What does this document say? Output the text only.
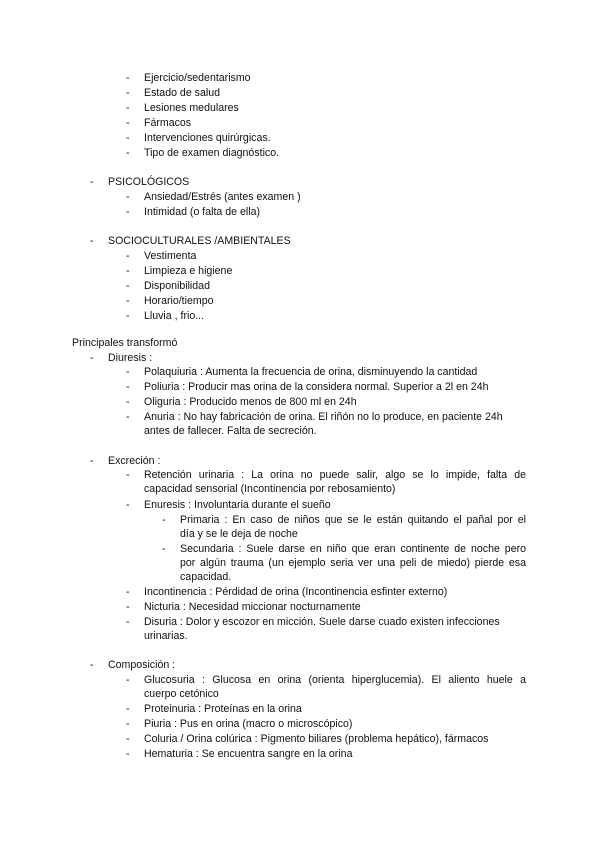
- Ejercicio/sedentarismo
- Estado de salud
- Lesiones medulares
- Fármacos
- Intervenciones quirúrgicas.
- Tipo de examen diagnóstico.
- PSICOLÓGICOS
- Ansiedad/Estrés (antes examen )
- Intimidad (o falta de ella)
- SOCIOCULTURALES /AMBIENTALES
- Vestimenta
- Limpieza e higiene
- Disponibilidad
- Horario/tiempo
- Lluvia , frio...
Principales transformó
- Diuresis :
- Polaquiuria : Aumenta la frecuencia de orina, disminuyendo la cantidad
- Poliuria : Producir mas orina de la considera normal. Superior a 2l en 24h
- Oliguria : Producido menos de 800 ml en 24h
- Anuria : No hay fabricación de orina. El riñón no lo produce, en paciente 24h
antes de fallecer. Falta de secreción.
- Excreción :
- Retención urinaria : La orina no puede salir, algo se lo impide, falta de
capacidad sensorial (Incontinencia por rebosamiento)
- Enuresis : Involuntaria durante el sueño
- Primaria : En caso de niños que se le están quitando el pañal por el
día y se le deja de noche
- Secundaria : Suele darse en niño que eran continente de noche pero
por algún trauma (un ejemplo seria ver una peli de miedo) pierde esa
capacidad.
- Incontinencia : Pérdidad de orina (Incontinencia esfinter externo)
- Nicturia : Necesidad miccionar nocturnamente
- Disuria : Dolor y escozor en micción. Suele darse cuado existen infecciones
urinarias.
- Composición :
- Glucosuria : Glucosa en orina (orienta hiperglucemia). El aliento huele a
cuerpo cetónico
- Proteinuria : Proteínas en la orina
- Piuria : Pus en orina (macro o microscópico)
- Coluria / Orina colúrica : Pigmento biliares (problema hepático), fármacos
- Hematuria : Se encuentra sangre en la orina
